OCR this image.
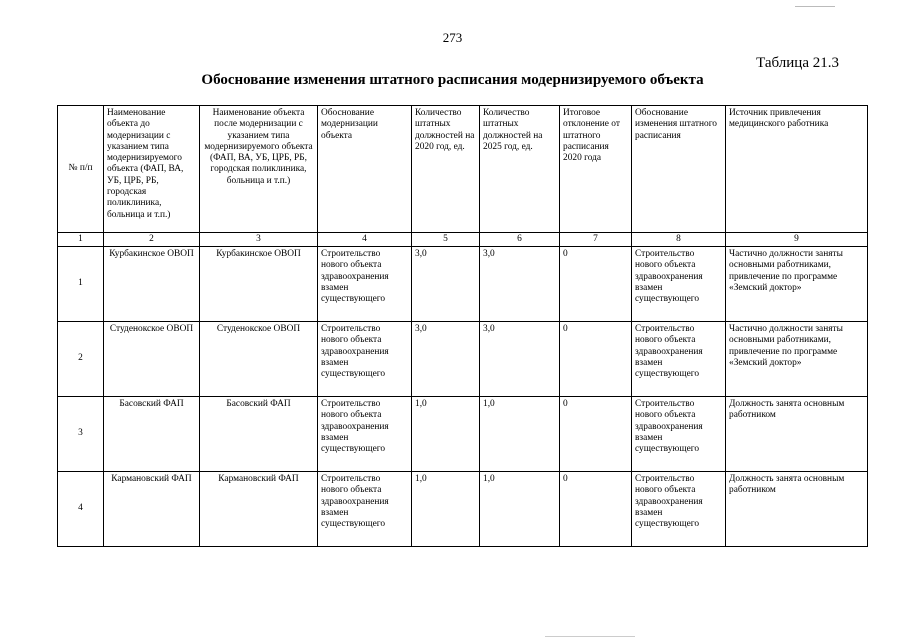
273
Таблица 21.3
Обоснование изменения штатного расписания модернизируемого объекта
№ п/п	Наименование объекта до модернизации с указанием типа модернизируемого объекта (ФАП, ВА, УБ, ЦРБ, РБ, городская поликлиника, больница и т.п.)	Наименование объекта после модернизации с указанием типа модернизируемого объекта (ФАП, ВА, УБ, ЦРБ, РБ, городская поликлиника, больница и т.п.)	Обоснование модернизации объекта	Количество штатных должностей на 2020 год, ед.	Количество штатных должностей на 2025 год, ед.	Итоговое отклонение от штатного расписания 2020 года	Обоснование изменения штатного расписания	Источник привлечения медицинского работника
1	2	3	4	5	6	7	8	9
1	Курбакинское ОВОП	Курбакинское ОВОП	Строительство нового объекта здравоохранения взамен существующего	3,0	3,0	0	Строительство нового объекта здравоохранения взамен существующего	Частично должности заняты основными работниками, привлечение по программе «Земский доктор»
2	Студенокское ОВОП	Студенокское ОВОП	Строительство нового объекта здравоохранения взамен существующего	3,0	3,0	0	Строительство нового объекта здравоохранения взамен существующего	Частично должности заняты основными работниками, привлечение по программе «Земский доктор»
3	Басовский ФАП	Басовский ФАП	Строительство нового объекта здравоохранения взамен существующего	1,0	1,0	0	Строительство нового объекта здравоохранения взамен существующего	Должность занята основным работником
4	Кармановский ФАП	Кармановский ФАП	Строительство нового объекта здравоохранения взамен существующего	1,0	1,0	0	Строительство нового объекта здравоохранения взамен существующего	Должность занята основным работником
